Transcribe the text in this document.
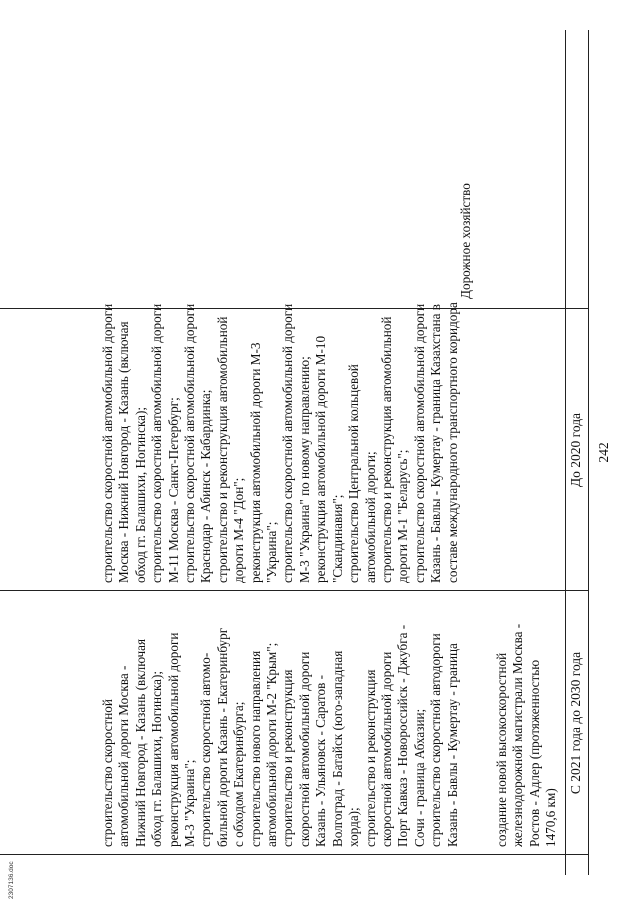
242
До 2020 года
С 2021 года до 2030 года
создание новой высокоскоростной железнодорожной магистрали Москва - Ростов - Адлер (протяженностью 1470,6 км)
Дорожное хозяйство
строительство скоростной автомобильной дороги Москва - Нижний Новгород - Казань (включая обход гг. Балашихи, Ногинска); строительство скоростной автомобильной дороги М-11 Москва - Санкт-Петербург; строительство скоростной автомобильной дороги Краснодар - Абинск - Кабардинка; строительство и реконструкция автомобильной дороги М-4 "Дон"; реконструкция автомобильной дороги М-3 "Украина"; строительство скоростной автомобильной дороги М-3 "Украина" по новому направлению; реконструкция автомобильной дороги М-10 "Скандинавия"; строительство Центральной кольцевой автомобильной дороги; строительство и реконструкция автомобильной дороги М-1 "Беларусь"; строительство скоростной автомобильной дороги Казань - Бавлы - Кумертау - граница Казахстана в составе международного транспортного коридора
строительство скоростной автомобильной дороги Москва - Нижний Новгород - Казань (включая обход гг. Балашихи, Ногинска); реконструкция автомобильной дороги М-3 "Украина"; строительство скоростной автомо- бильной дороги Казань - Екатеринбург с обходом Екатеринбурга; строительство нового направления автомобильной дороги М-2 "Крым"; строительство и реконструкция скоростной автомобильной дороги Казань - Ульяновск - Саратов - Волгоград - Батайск (юго-западная хорда); строительство и реконструкция скоростной автомобильной дороги Порт Кавказ - Новороссийск - Джубга - Сочи - граница Абхазии; строительство скоростной автодороги Казань - Бавлы - Кумертау - граница
2307136.doc
